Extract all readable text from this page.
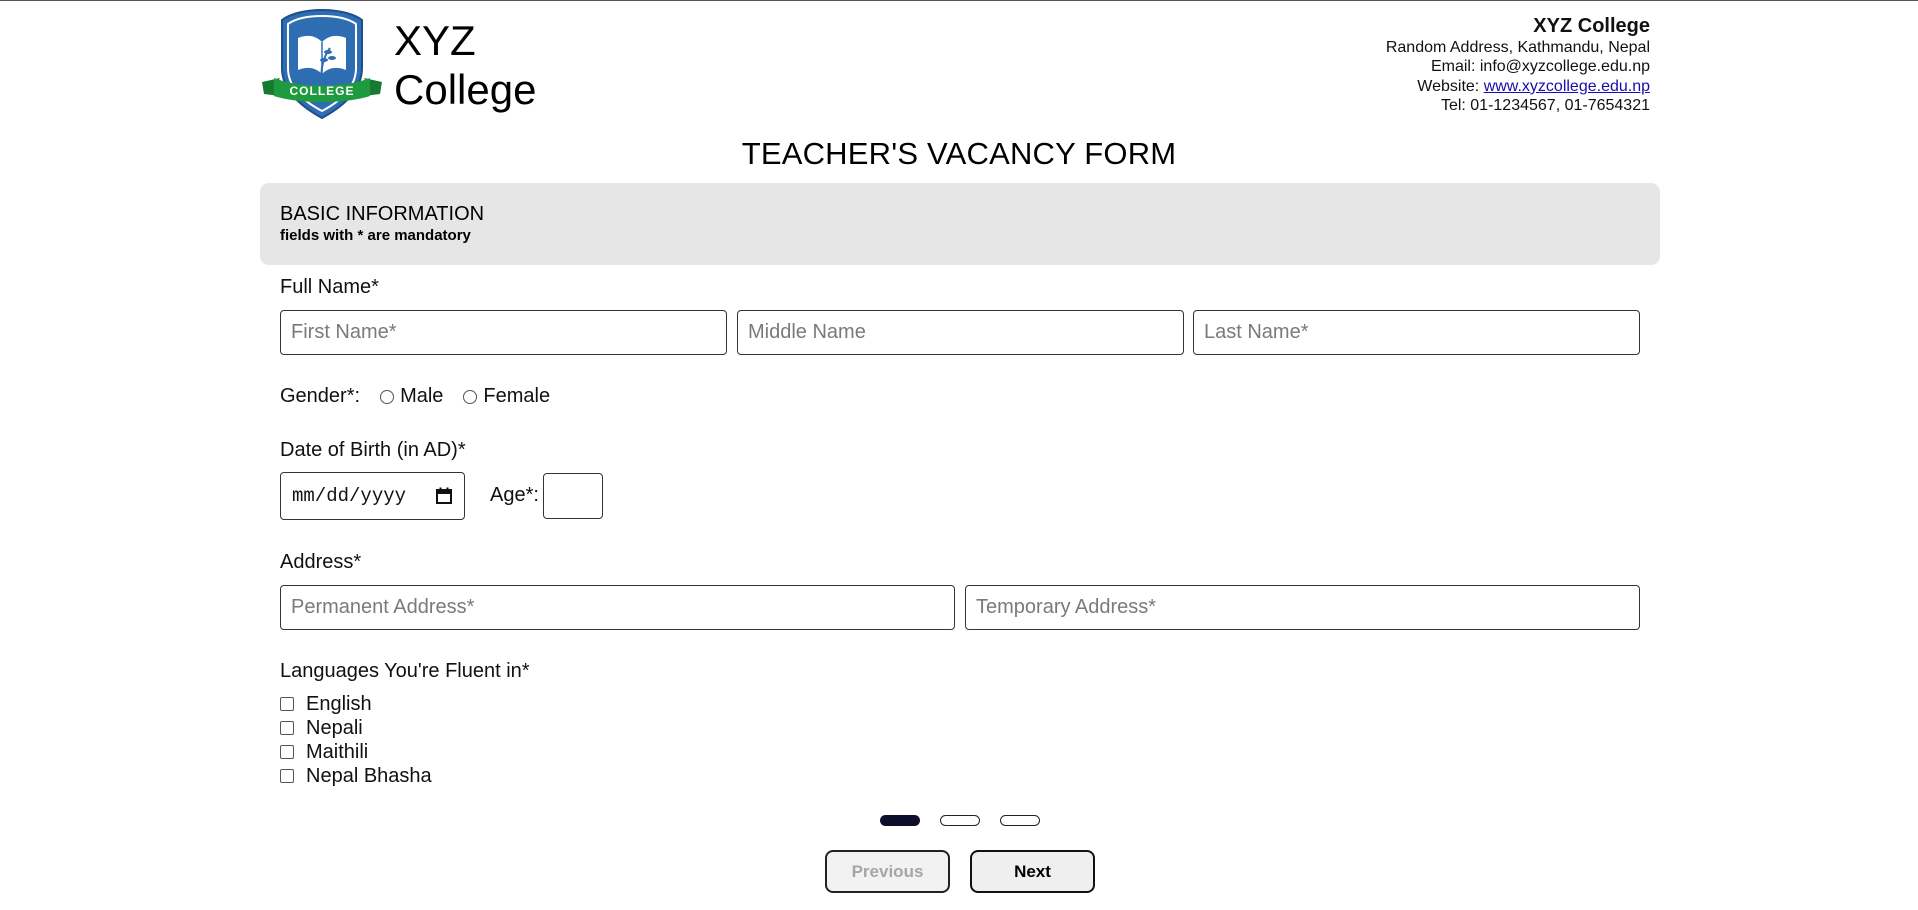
COLLEGE
XYZ
College
XYZ College
Random Address, Kathmandu, Nepal
Email: info@xyzcollege.edu.np
Website: www.xyzcollege.edu.np
Tel: 01-1234567, 01-7654321
TEACHER'S VACANCY FORM
BASIC INFORMATION
fields with * are mandatory
Full Name*
First Name*
Middle Name
Last Name*
Gender*: Male Female
Date of Birth (in AD)*
mm/dd/yyyy	Age*:
Address*
Permanent Address*
Temporary Address*
Languages You're Fluent in*
English
Nepali
Maithili
Nepal Bhasha
Previous	Next
